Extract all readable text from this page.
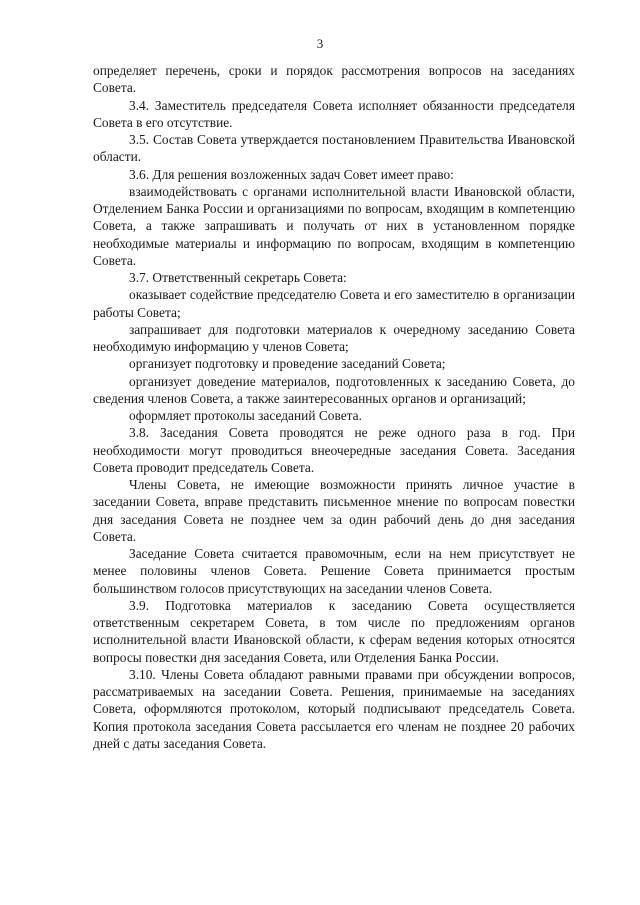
3

определяет перечень, сроки и порядок рассмотрения вопросов на заседаниях Совета.

3.4. Заместитель председателя Совета исполняет обязанности председателя Совета в его отсутствие.

3.5. Состав Совета утверждается постановлением Правительства Ивановской области.

3.6. Для решения возложенных задач Совет имеет право:

взаимодействовать с органами исполнительной власти Ивановской области, Отделением Банка России и организациями по вопросам, входящим в компетенцию Совета, а также запрашивать и получать от них в установленном порядке необходимые материалы и информацию по вопросам, входящим в компетенцию Совета.

3.7. Ответственный секретарь Совета:

оказывает содействие председателю Совета и его заместителю в организации работы Совета;

запрашивает для подготовки материалов к очередному заседанию Совета необходимую информацию у членов Совета;

организует подготовку и проведение заседаний Совета;

организует доведение материалов, подготовленных к заседанию Совета, до сведения членов Совета, а также заинтересованных органов и организаций;

оформляет протоколы заседаний Совета.

3.8. Заседания Совета проводятся не реже одного раза в год. При необходимости могут проводиться внеочередные заседания Совета. Заседания Совета проводит председатель Совета.

Члены Совета, не имеющие возможности принять личное участие в заседании Совета, вправе представить письменное мнение по вопросам повестки дня заседания Совета не позднее чем за один рабочий день до дня заседания Совета.

Заседание Совета считается правомочным, если на нем присутствует не менее половины членов Совета. Решение Совета принимается простым большинством голосов присутствующих на заседании членов Совета.

3.9. Подготовка материалов к заседанию Совета осуществляется ответственным секретарем Совета, в том числе по предложениям органов исполнительной власти Ивановской области, к сферам ведения которых относятся вопросы повестки дня заседания Совета, или Отделения Банка России.

3.10. Члены Совета обладают равными правами при обсуждении вопросов, рассматриваемых на заседании Совета. Решения, принимаемые на заседаниях Совета, оформляются протоколом, который подписывают председатель Совета. Копия протокола заседания Совета рассылается его членам не позднее 20 рабочих дней с даты заседания Совета.
